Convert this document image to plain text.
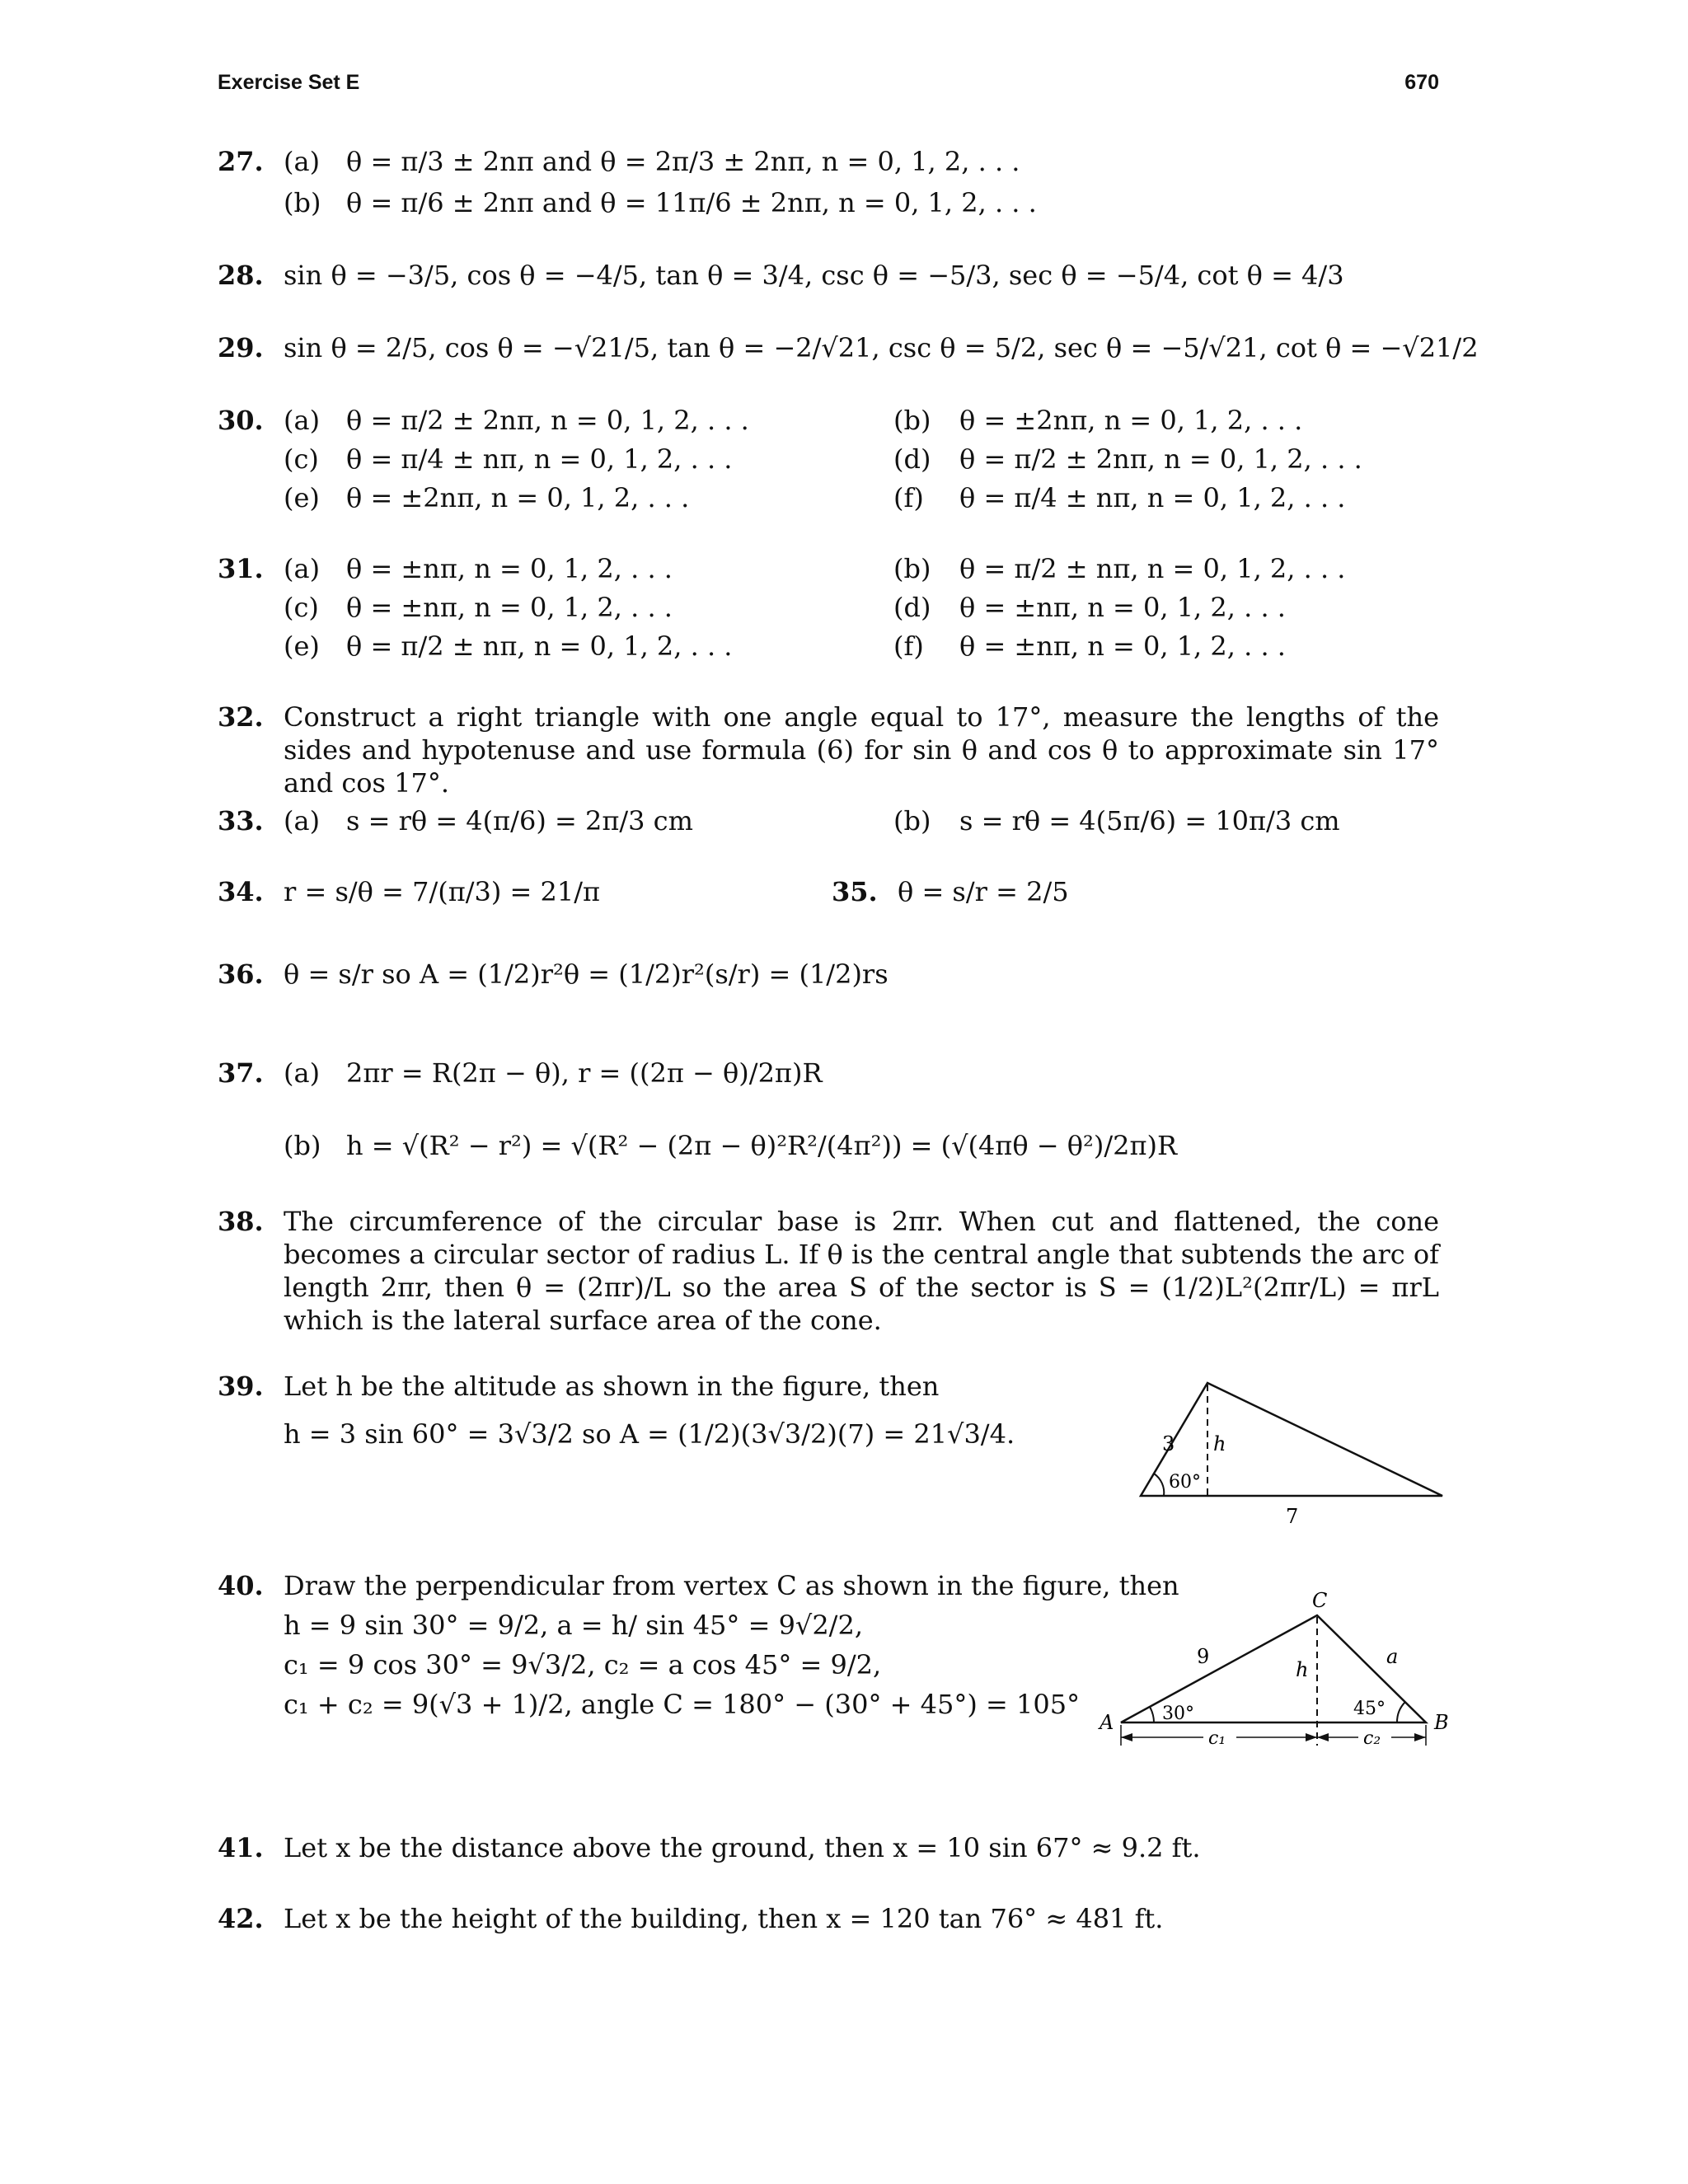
Exercise Set E	670
27. (a) θ = π/3 ± 2nπ and θ = 2π/3 ± 2nπ, n = 0, 1, 2, . . .
(b) θ = π/6 ± 2nπ and θ = 11π/6 ± 2nπ, n = 0, 1, 2, . . .
28. sin θ = −3/5, cos θ = −4/5, tan θ = 3/4, csc θ = −5/3, sec θ = −5/4, cot θ = 4/3
29. sin θ = 2/5, cos θ = −√21/5, tan θ = −2/√21, csc θ = 5/2, sec θ = −5/√21, cot θ = −√21/2
30. (a) θ = π/2 ± 2nπ, n = 0, 1, 2, . . .	(b) θ = ±2nπ, n = 0, 1, 2, . . .
(c) θ = π/4 ± nπ, n = 0, 1, 2, . . .	(d) θ = π/2 ± 2nπ, n = 0, 1, 2, . . .
(e) θ = ±2nπ, n = 0, 1, 2, . . .	(f) θ = π/4 ± nπ, n = 0, 1, 2, . . .
31. (a) θ = ±nπ, n = 0, 1, 2, . . .	(b) θ = π/2 ± nπ, n = 0, 1, 2, . . .
(c) θ = ±nπ, n = 0, 1, 2, . . .	(d) θ = ±nπ, n = 0, 1, 2, . . .
(e) θ = π/2 ± nπ, n = 0, 1, 2, . . .	(f) θ = ±nπ, n = 0, 1, 2, . . .
32. Construct a right triangle with one angle equal to 17°, measure the lengths of the sides and hypotenuse and use formula (6) for sin θ and cos θ to approximate sin 17° and cos 17°.
33. (a) s = rθ = 4(π/6) = 2π/3 cm	(b) s = rθ = 4(5π/6) = 10π/3 cm
34. r = s/θ = 7/(π/3) = 21/π	35. θ = s/r = 2/5
36. θ = s/r so A = (1/2)r²θ = (1/2)r²(s/r) = (1/2)rs
37. (a) 2πr = R(2π − θ), r = ((2π − θ)/2π)R
(b) h = √(R² − r²) = √(R² − (2π − θ)²R²/(4π²)) = (√(4πθ − θ²)/2π)R
38. The circumference of the circular base is 2πr. When cut and flattened, the cone becomes a circular sector of radius L. If θ is the central angle that subtends the arc of length 2πr, then θ = (2πr)/L so the area S of the sector is S = (1/2)L²(2πr/L) = πrL which is the lateral surface area of the cone.
39. Let h be the altitude as shown in the figure, then
h = 3 sin 60° = 3√3/2 so A = (1/2)(3√3/2)(7) = 21√3/4.	3 h
60°
7
40. Draw the perpendicular from vertex C as shown in the figure, then
h = 9 sin 30° = 9/2, a = h/ sin 45° = 9√2/2,
c₁ = 9 cos 30° = 9√3/2, c₂ = a cos 45° = 9/2,
c₁ + c₂ = 9(√3 + 1)/2, angle C = 180° − (30° + 45°) = 105°
C
A	B
9	a
h
30°	45°
c₁	c₂
41. Let x be the distance above the ground, then x = 10 sin 67° ≈ 9.2 ft.
42. Let x be the height of the building, then x = 120 tan 76° ≈ 481 ft.
